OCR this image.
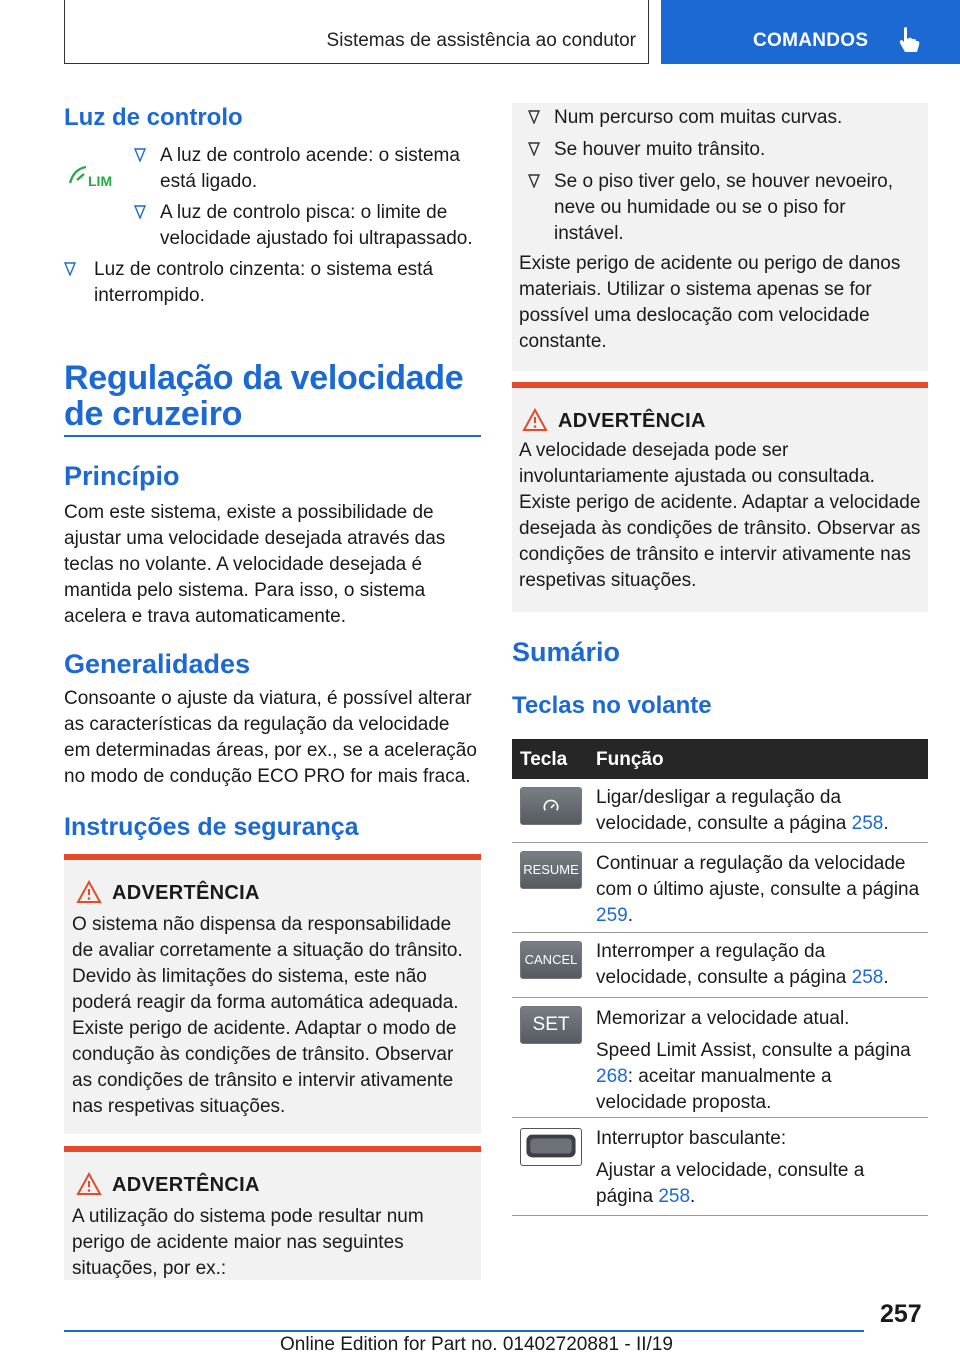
Sistemas de assistência ao condutor	COMANDOS
Luz de controlo
LIM
A luz de controlo acende: o sistema está ligado.
A luz de controlo pisca: o limite de velocidade ajustado foi ultrapassado.
Luz de controlo cinzenta: o sistema está interrompido.
Regulação da velocidade
de cruzeiro
Princípio
Com este sistema, existe a possibilidade de ajustar uma velocidade desejada através das teclas no volante. A velocidade desejada é mantida pelo sistema. Para isso, o sistema acelera e trava automaticamente.
Generalidades
Consoante o ajuste da viatura, é possível alterar as características da regulação da velocidade em determinadas áreas, por ex., se a aceleração no modo de condução ECO PRO for mais fraca.
Instruções de segurança
ADVERTÊNCIA
O sistema não dispensa da responsabilidade de avaliar corretamente a situação do trânsito. Devido às limitações do sistema, este não poderá reagir da forma automática adequada. Existe perigo de acidente. Adaptar o modo de condução às condições de trânsito. Observar as condições de trânsito e intervir ativamente nas respetivas situações.
ADVERTÊNCIA
A utilização do sistema pode resultar num perigo de acidente maior nas seguintes situações, por ex.:
Num percurso com muitas curvas.
Se houver muito trânsito.
Se o piso tiver gelo, se houver nevoeiro, neve ou humidade ou se o piso for instável.
Existe perigo de acidente ou perigo de danos materiais. Utilizar o sistema apenas se for possível uma deslocação com velocidade constante.
ADVERTÊNCIA
A velocidade desejada pode ser involuntariamente ajustada ou consultada. Existe perigo de acidente. Adaptar a velocidade desejada às condições de trânsito. Observar as condições de trânsito e intervir ativamente nas respetivas situações.
Sumário
Teclas no volante
Tecla Função
Ligar/desligar a regulação da velocidade, consulte a página 258.
RESUME Continuar a regulação da velocidade com o último ajuste, consulte a página 259.
CANCEL Interromper a regulação da velocidade, consulte a página 258.
SET	Memorizar a velocidade atual.
Speed Limit Assist, consulte a página 268: aceitar manualmente a velocidade proposta.
Interruptor basculante:
Ajustar a velocidade, consulte a página 258.
257
Online Edition for Part no. 01402720881 - II/19
